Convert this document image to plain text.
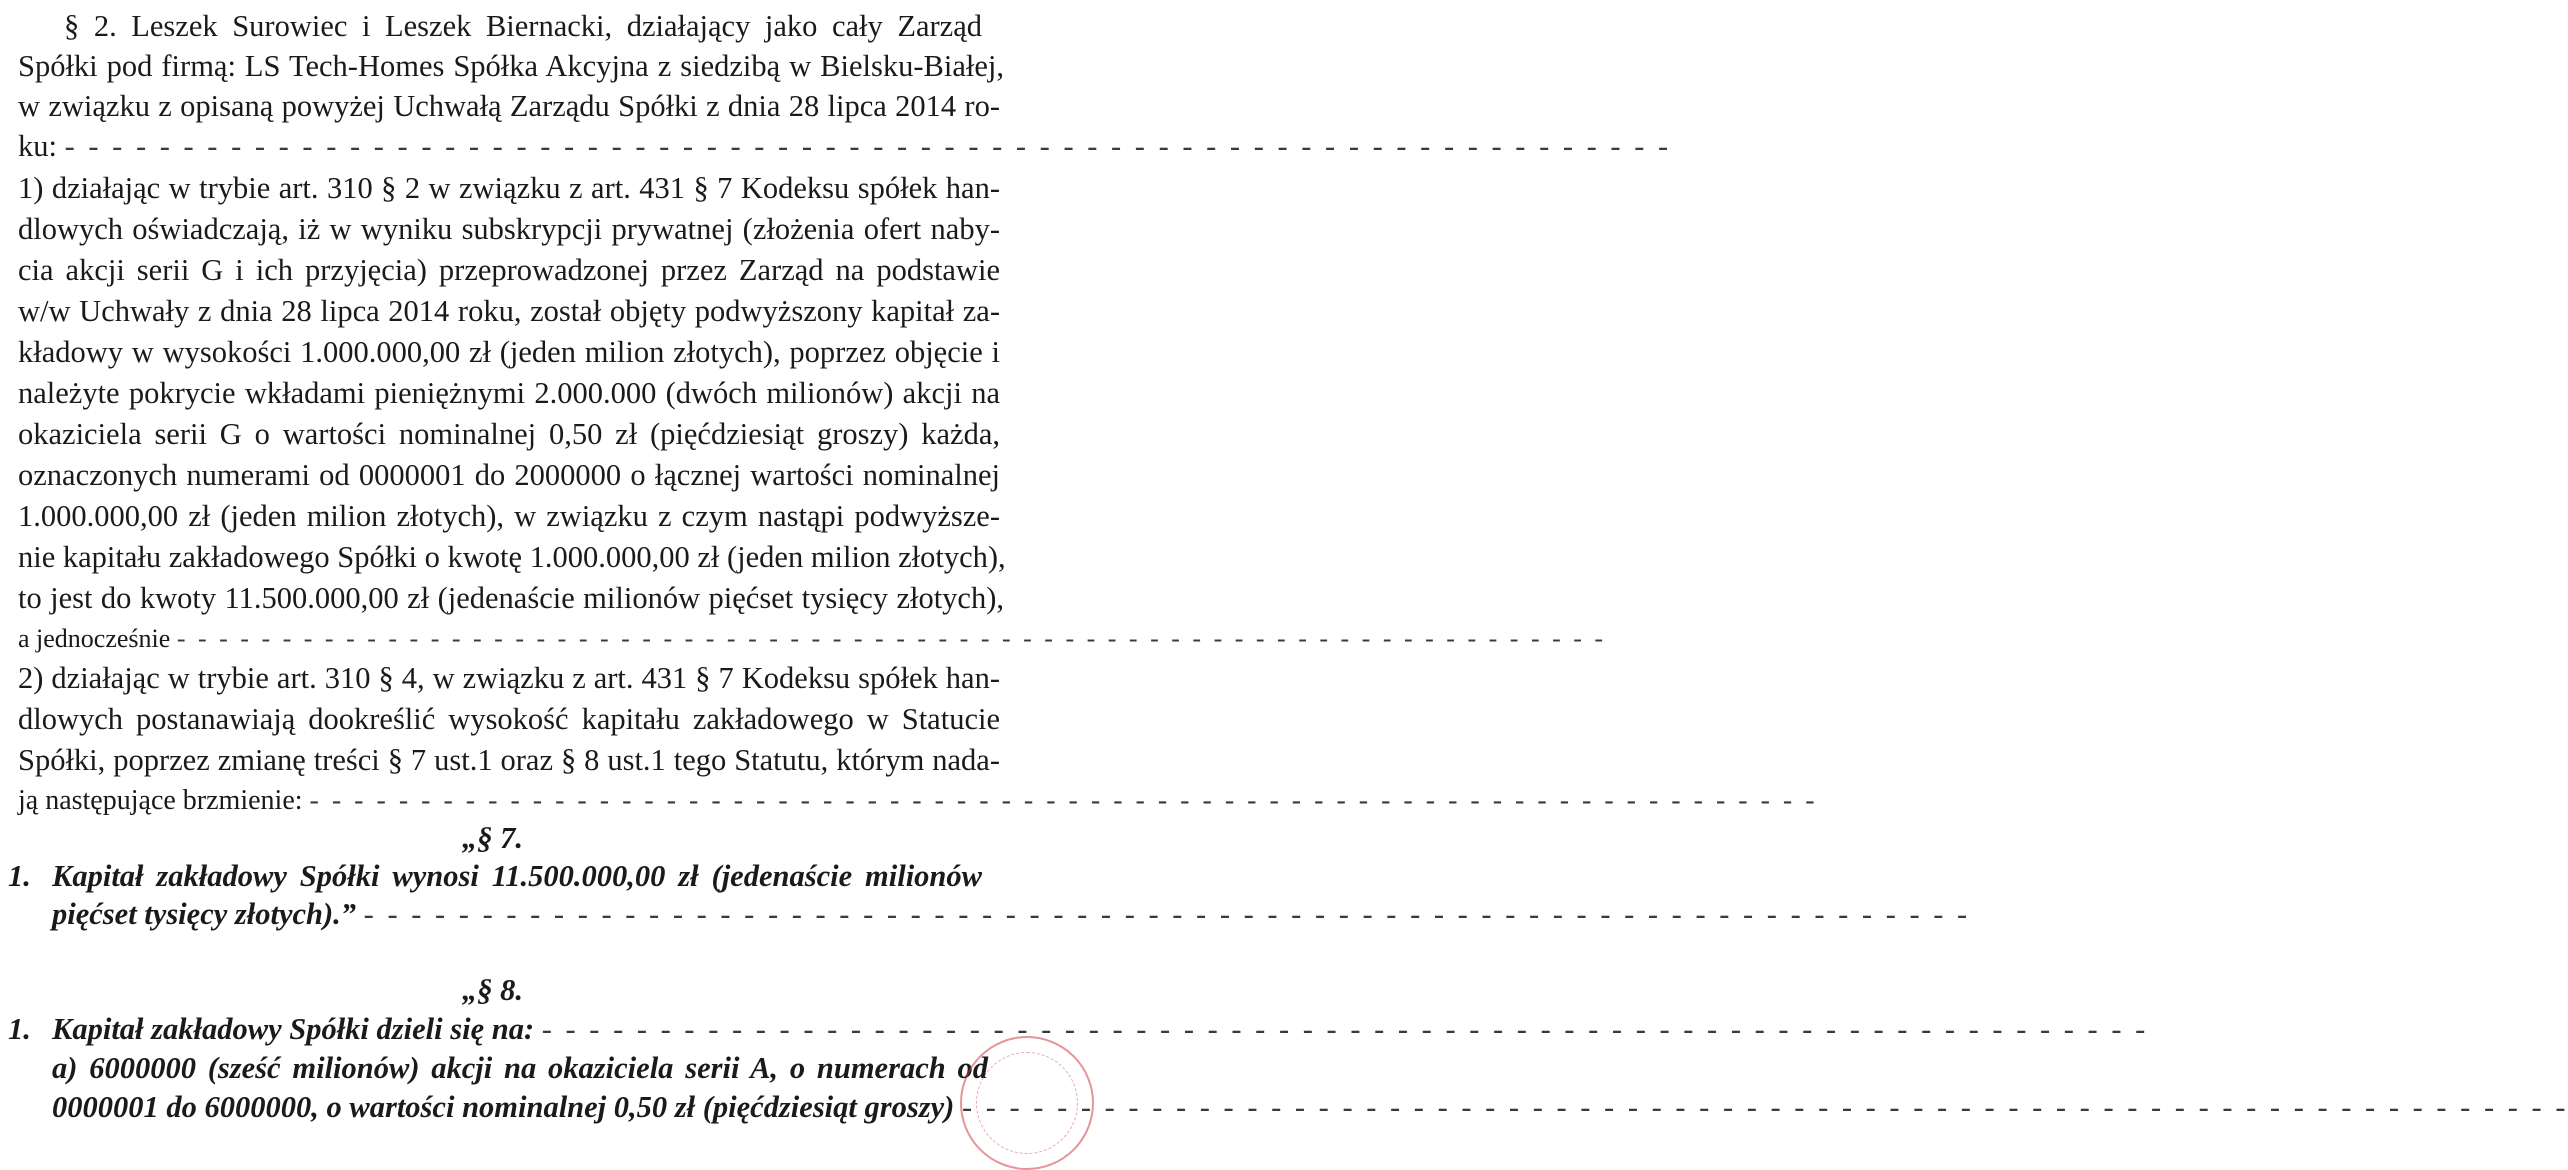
§ 2. Leszek Surowiec i Leszek Biernacki, działający jako cały Zarząd
Spółki pod firmą: LS Tech-Homes Spółka Akcyjna z siedzibą w Bielsku-Białej,
w związku z opisaną powyżej Uchwałą Zarządu Spółki z dnia 28 lipca 2014 ro-
ku: - - - - - - - - - - - - - - - - - - - - - - - - - - - - - - - - - - - - - - - - - - - - - - - - - - - - - - - - - - - - - - - - - - - -
1) działając w trybie art. 310 § 2 w związku z art. 431 § 7 Kodeksu spółek han-
dlowych oświadczają, iż w wyniku subskrypcji prywatnej (złożenia ofert naby-
cia akcji serii G i ich przyjęcia) przeprowadzonej przez Zarząd na podstawie
w/w Uchwały z dnia 28 lipca 2014 roku, został objęty podwyższony kapitał za-
kładowy w wysokości 1.000.000,00 zł (jeden milion złotych), poprzez objęcie i
należyte pokrycie wkładami pieniężnymi 2.000.000 (dwóch milionów) akcji na
okaziciela serii G o wartości nominalnej 0,50 zł (pięćdziesiąt groszy) każda,
oznaczonych numerami od 0000001 do 2000000 o łącznej wartości nominalnej
1.000.000,00 zł (jeden milion złotych), w związku z czym nastąpi podwyższe-
nie kapitału zakładowego Spółki o kwotę 1.000.000,00 zł (jeden milion złotych),
to jest do kwoty 11.500.000,00 zł (jedenaście milionów pięćset tysięcy złotych),
a jednocześnie - - - - - - - - - - - - - - - - - - - - - - - - - - - - - - - - - - - - - - - - - - - - - - - - - - - - - - - - - - - - - - - - - - - -
2) działając w trybie art. 310 § 4, w związku z art. 431 § 7 Kodeksu spółek han-
dlowych postanawiają dookreślić wysokość kapitału zakładowego w Statucie
Spółki, poprzez zmianę treści § 7 ust.1 oraz § 8 ust.1 tego Statutu, którym nada-
ją następujące brzmienie: - - - - - - - - - - - - - - - - - - - - - - - - - - - - - - - - - - - - - - - - - - - - - - - - - - - - - - - - - - - - - - - - - - - -
„§ 7.
1. Kapitał zakładowy Spółki wynosi 11.500.000,00 zł (jedenaście milionów
pięćset tysięcy złotych).” - - - - - - - - - - - - - - - - - - - - - - - - - - - - - - - - - - - - - - - - - - - - - - - - - - - - - - - - - - - - - - - - - - - -
„§ 8.
1. Kapitał zakładowy Spółki dzieli się na: - - - - - - - - - - - - - - - - - - - - - - - - - - - - - - - - - - - - - - - - - - - - - - - - - - - - - - - - - - - - - - - - - - - -
a) 6000000 (sześć milionów) akcji na okaziciela serii A, o numerach od
0000001 do 6000000, o wartości nominalnej 0,50 zł (pięćdziesiąt groszy) - - - - - - - - - - - - - - - - - - - - - - - - - - - - - - - - - - - - - - - - - - - - - - - - - - - - - - - - - - - - - - - - - - - -
